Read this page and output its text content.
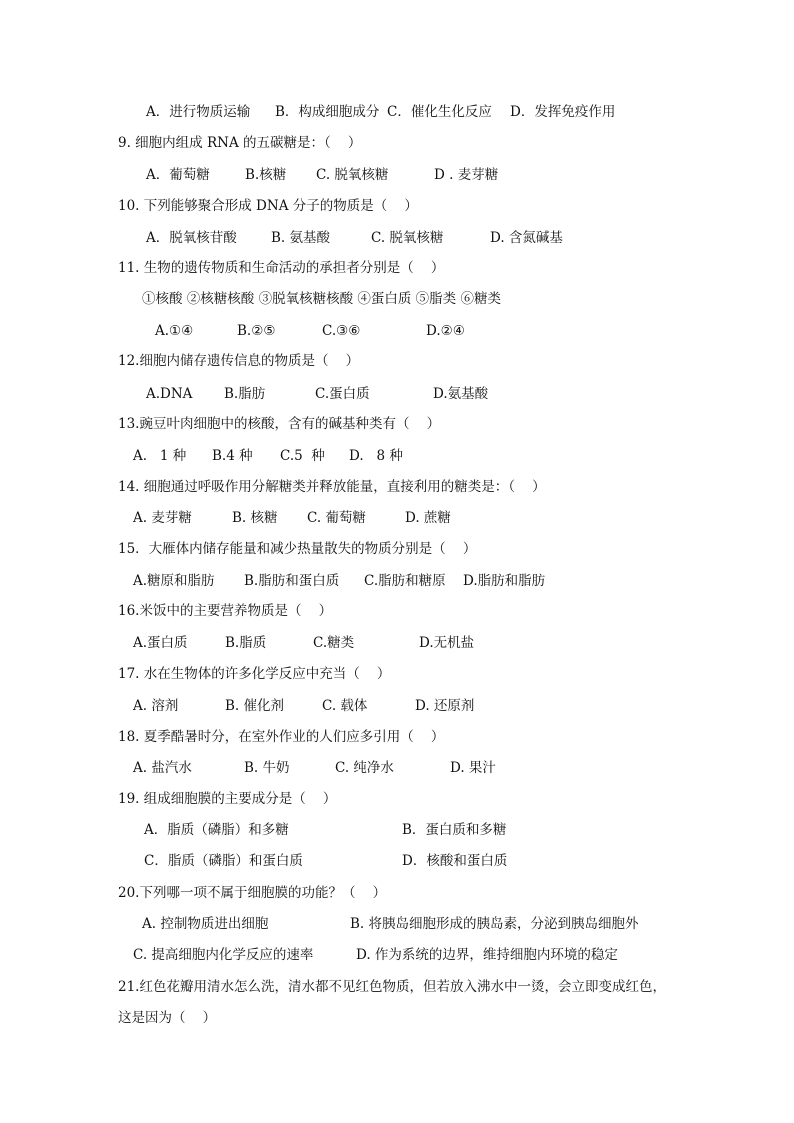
A．进行物质运输 B．构成细胞成分 C．催化生化反应 D．发挥免疫作用
9. 细胞内组成 RNA 的五碳糖是：（    ）
A．葡萄糖	B.核糖 C. 脱氧核糖	D . 麦芽糖
10. 下列能够聚合形成 DNA 分子的物质是（    ）
A．脱氧核苷酸	B. 氨基酸	C. 脱氧核糖	D. 含氮碱基
11. 生物的遗传物质和生命活动的承担者分别是（    ）
①核酸 ②核糖核酸 ③脱氧核糖核酸 ④蛋白质 ⑤脂类 ⑥糖类
A.①④	B.②⑤	C.③⑥	D.②④
12.细胞内储存遗传信息的物质是（    ）
A.DNA B.脂肪	C.蛋白质	D.氨基酸
13.豌豆叶肉细胞中的核酸，含有的碱基种类有（    ）
A.   1 种 B.4 种 C.5  种 D.   8 种
14. 细胞通过呼吸作用分解糖类并释放能量，直接利用的糖类是：（    ）
A. 麦芽糖	B. 核糖 C. 葡萄糖	D. 蔗糖
15．大雁体内储存能量和减少热量散失的物质分别是（    ）
A.糖原和脂肪 B.脂肪和蛋白质 C.脂肪和糖原 D.脂肪和脂肪
16.米饭中的主要营养物质是（    ）
A.蛋白质	B.脂质	C.糖类	D.无机盐
17. 水在生物体的许多化学反应中充当（    ）
A. 溶剂	B. 催化剂	C. 载体	D. 还原剂
18. 夏季酷暑时分，在室外作业的人们应多引用（    ）
A. 盐汽水	B. 牛奶	C. 纯净水	D. 果汁
19. 组成细胞膜的主要成分是（    ）
A．脂质（磷脂）和多糖	B．蛋白质和多糖
C．脂质（磷脂）和蛋白质	D．核酸和蛋白质
20.下列哪一项不属于细胞膜的功能？（    ）
A. 控制物质进出细胞	B. 将胰岛细胞形成的胰岛素，分泌到胰岛细胞外
C. 提高细胞内化学反应的速率	D. 作为系统的边界，维持细胞内环境的稳定
21.红色花瓣用清水怎么洗，清水都不见红色物质，但若放入沸水中一烫，会立即变成红色，
这是因为（    ）
